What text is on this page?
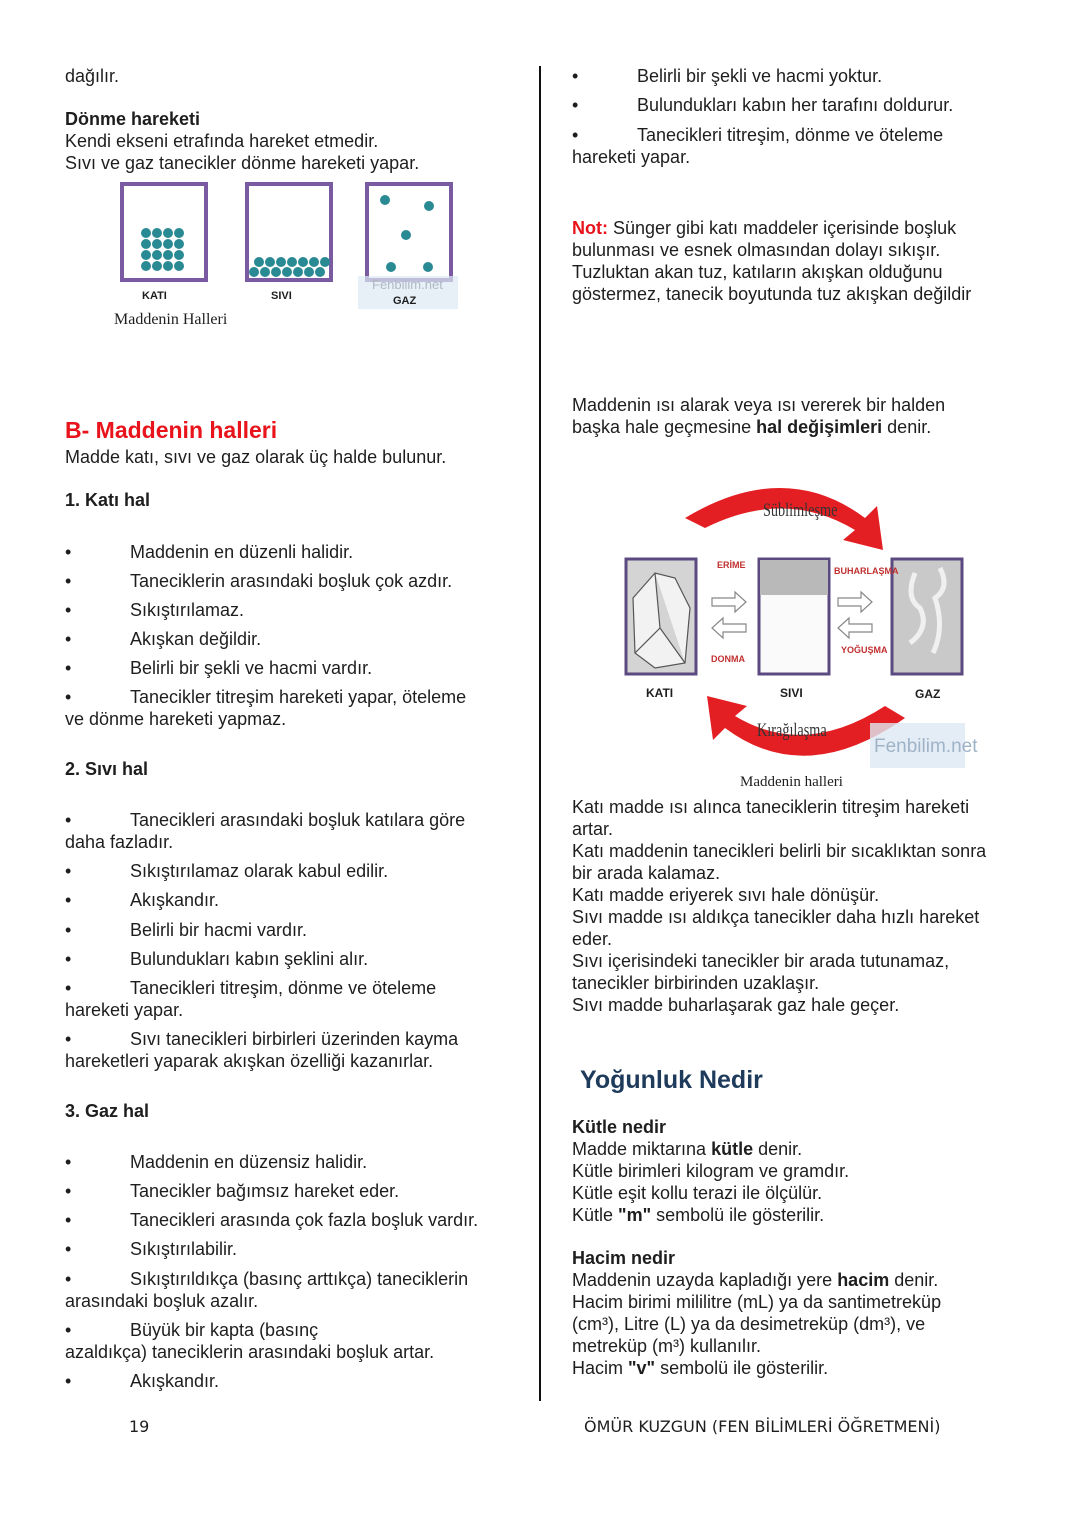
dağılır.
Dönme hareketi
Kendi ekseni etrafında hareket etmedir.
Sıvı ve gaz tanecikler dönme hareketi yapar.
KATI	SIVI	GAZ
Fenbilim.net
Maddenin Halleri
B- Maddenin halleri
Madde katı, sıvı ve gaz olarak üç halde bulunur.
1. Katı hal
•	Maddenin en düzenli halidir.
•	Taneciklerin arasındaki boşluk çok azdır.
•	Sıkıştırılamaz.
•	Akışkan değildir.
•	Belirli bir şekli ve hacmi vardır.
•	Tanecikler titreşim hareketi yapar, öteleme
ve dönme hareketi yapmaz.
2. Sıvı hal
•	Tanecikleri arasındaki boşluk katılara göre
daha fazladır.
•	Sıkıştırılamaz olarak kabul edilir.
•	Akışkandır.
•	Belirli bir hacmi vardır.
•	Bulundukları kabın şeklini alır.
•	Tanecikleri titreşim, dönme ve öteleme
hareketi yapar.
•	Sıvı tanecikleri birbirleri üzerinden kayma
hareketleri yaparak akışkan özelliği kazanırlar.
3. Gaz hal
•	Maddenin en düzensiz halidir.
•	Tanecikler bağımsız hareket eder.
•	Tanecikleri arasında çok fazla boşluk vardır.
•	Sıkıştırılabilir.
•	Sıkıştırıldıkça (basınç arttıkça) taneciklerin
arasındaki boşluk azalır.
•	Büyük bir kapta (basınç
azaldıkça) taneciklerin arasındaki boşluk artar.
•	Akışkandır.
•	Belirli bir şekli ve hacmi yoktur.
•	Bulundukları kabın her tarafını doldurur.
•	Tanecikleri titreşim, dönme ve öteleme
hareketi yapar.
Not: Sünger gibi katı maddeler içerisinde boşluk
bulunması ve esnek olmasından dolayı sıkışır.
Tuzluktan akan tuz, katıların akışkan olduğunu
göstermez, tanecik boyutunda tuz akışkan değildir
Maddenin ısı alarak veya ısı vererek bir halden
başka hale geçmesine hal değişimleri denir.
Süblimleşme
Kırağılaşma
ERİME
DONMA
BUHARLAŞMA
YOĞUŞMA
KATI	SIVI	GAZ
Fenbilim.net
Maddenin halleri
Katı madde ısı alınca taneciklerin titreşim hareketi
artar.
Katı maddenin tanecikleri belirli bir sıcaklıktan sonra
bir arada kalamaz.
Katı madde eriyerek sıvı hale dönüşür.
Sıvı madde ısı aldıkça tanecikler daha hızlı hareket
eder.
Sıvı içerisindeki tanecikler bir arada tutunamaz,
tanecikler birbirinden uzaklaşır.
Sıvı madde buharlaşarak gaz hale geçer.
Yoğunluk Nedir
Kütle nedir
Madde miktarına kütle denir.
Kütle birimleri kilogram ve gramdır.
Kütle eşit kollu terazi ile ölçülür.
Kütle "m" sembolü ile gösterilir.
Hacim nedir
Maddenin uzayda kapladığı yere hacim denir.
Hacim birimi mililitre (mL) ya da santimetreküp
(cm³), Litre (L) ya da desimetreküp (dm³), ve
metreküp (m³) kullanılır.
Hacim "v" sembolü ile gösterilir.
19	ÖMÜR KUZGUN (FEN BİLİMLERİ ÖĞRETMENİ)
